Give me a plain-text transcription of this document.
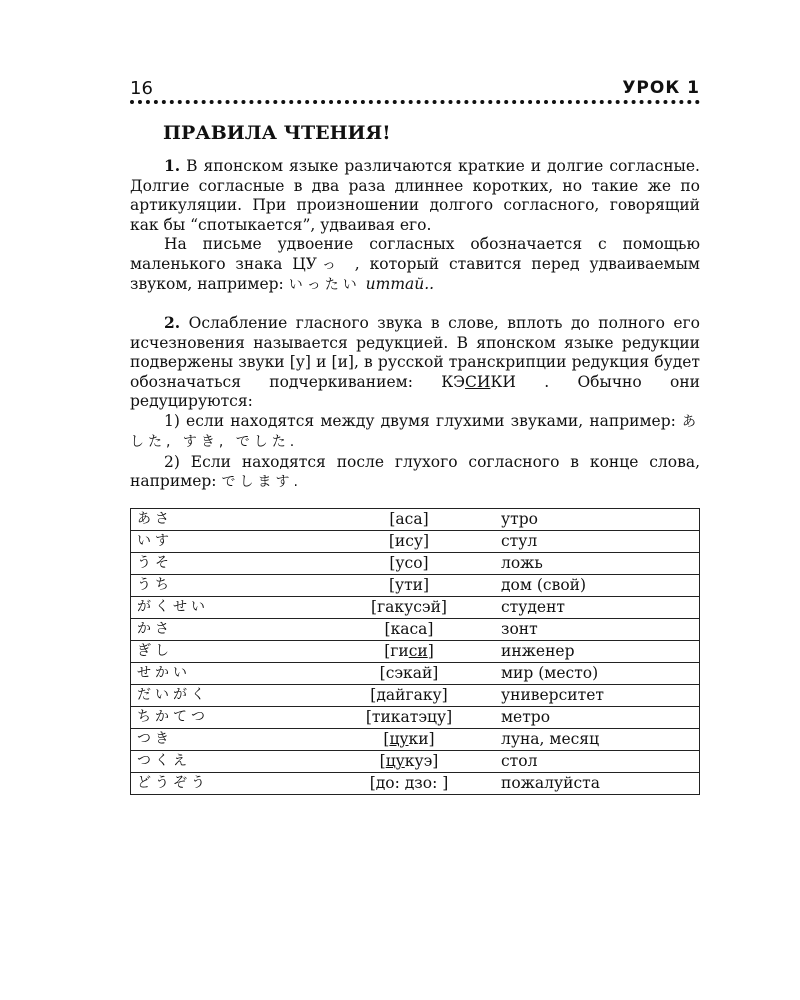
16	УРОК 1
ПРАВИЛА ЧТЕНИЯ!

1. В японском языке различаются краткие и долгие согласные. Долгие согласные в два раза длиннее коротких, но такие же по артикуляции. При произношении долгого согласного, говорящий как бы “спотыкается”, удваивая его.

На письме удвоение согласных обозначается с помощью маленького знака ЦУっ , который ставится перед удваиваемым звуком, например: いったい иттай..

2. Ослабление гласного звука в слове, вплоть до полного его исчезновения называется редукцией. В японском языке редукции подвержены звуки [у] и [и], в русской транскрипции редукция будет обозначаться подчеркиванием: КЭСИКИ . Обычно они редуцируются:

1) если находятся между двумя глухими звуками, например: あした, すき, でした.

2) Если находятся после глухого согласного в конце слова, например: でします.

あさ	[аса]	утро
いす	[ису]	стул
うそ	[усо]	ложь
うち	[ути]	дом (свой)
がくせい	[гакусэй]	студент
かさ	[каса]	зонт
ぎし	[гиси]	инженер
せかい	[сэкай]	мир (место)
だいがく	[дайгаку]	университет
ちかてつ	[тикатэцу]	метро
つき	[цуки]	луна, месяц
つくえ	[цукуэ]	стол
どうぞう	[до: дзо: ]	пожалуйста
